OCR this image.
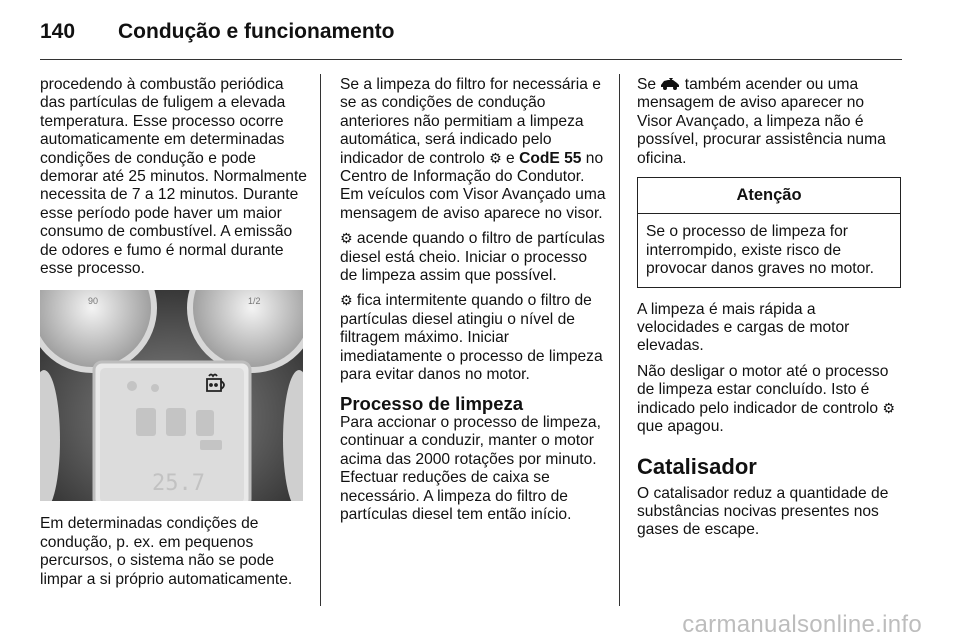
140	Condução e funcionamento

procedendo à combustão periódica das partículas de fuligem a elevada temperatura. Esse processo ocorre automaticamente em determinadas condições de condução e pode demorar até 25 minutos. Normalmente necessita de 7 a 12 minutos. Durante esse período pode haver um maior consumo de combustível. A emissão de odores e fumo é normal durante esse processo.

90	1/2
25.7

Em determinadas condições de condução, p. ex. em pequenos percursos, o sistema não se pode limpar a si próprio automaticamente.

Se a limpeza do filtro for necessária e se as condições de condução anteriores não permitiam a limpeza automática, será indicado pelo indicador de controlo ⚙ e CodE 55 no Centro de Informação do Condutor. Em veículos com Visor Avançado uma mensagem de aviso aparece no visor.

⚙ acende quando o filtro de partículas diesel está cheio. Iniciar o processo de limpeza assim que possível.

⚙ fica intermitente quando o filtro de partículas diesel atingiu o nível de filtragem máximo. Iniciar imediatamente o processo de limpeza para evitar danos no motor.

Processo de limpeza

Para accionar o processo de limpeza, continuar a conduzir, manter o motor acima das 2000 rotações por minuto. Efectuar reduções de caixa se necessário. A limpeza do filtro de partículas diesel tem então início.

Se também acender ou uma mensagem de aviso aparecer no Visor Avançado, a limpeza não é possível, procurar assistência numa oficina.

Atenção
Se o processo de limpeza for interrompido, existe risco de provocar danos graves no motor.

A limpeza é mais rápida a velocidades e cargas de motor elevadas.

Não desligar o motor até o processo de limpeza estar concluído. Isto é indicado pelo indicador de controlo ⚙ que apagou.

Catalisador

O catalisador reduz a quantidade de substâncias nocivas presentes nos gases de escape.

carmanualsonline.info
